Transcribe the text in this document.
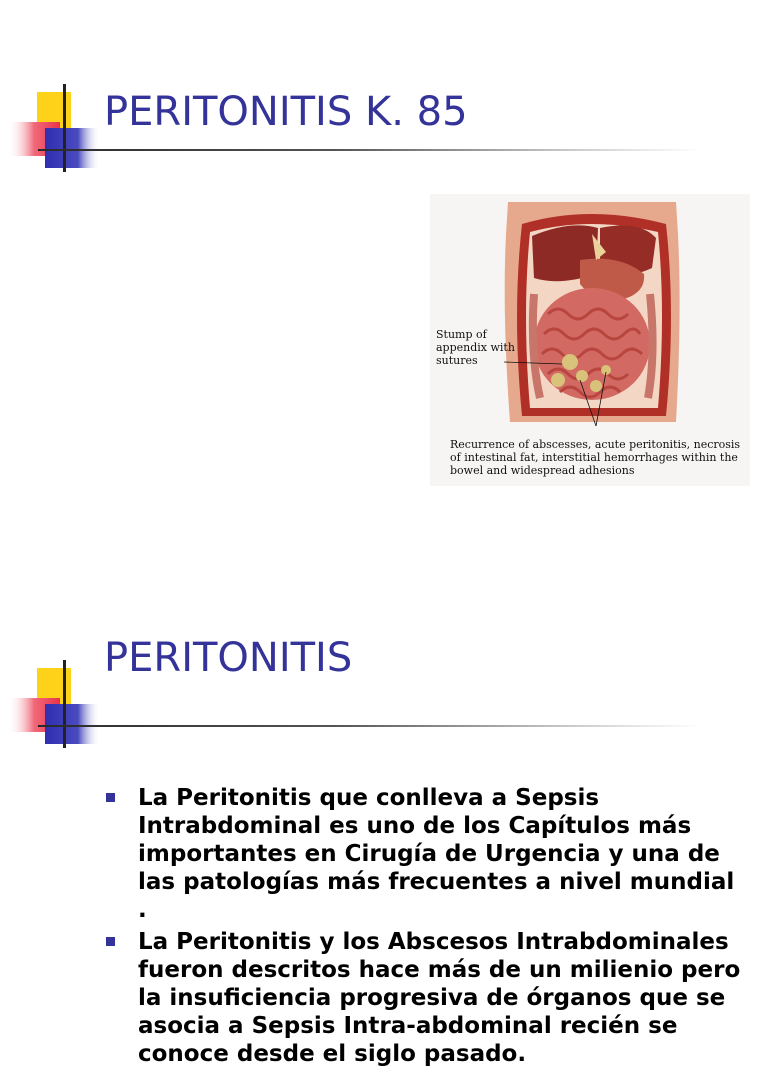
PERITONITIS K. 85
Stump of appendix with sutures
Recurrence of abscesses, acute peritonitis, necrosis of intestinal fat, interstitial hemorrhages within the bowel and widespread adhesions
PERITONITIS
La Peritonitis que conlleva a Sepsis Intrabdominal es uno de los Capítulos más importantes en Cirugía de Urgencia y una de las patologías más frecuentes a nivel mundial .
La Peritonitis y los Abscesos Intrabdominales fueron descritos hace más de un milienio pero la insuficiencia progresiva de órganos que se asocia a Sepsis Intra-abdominal recién se conoce desde el siglo pasado.
